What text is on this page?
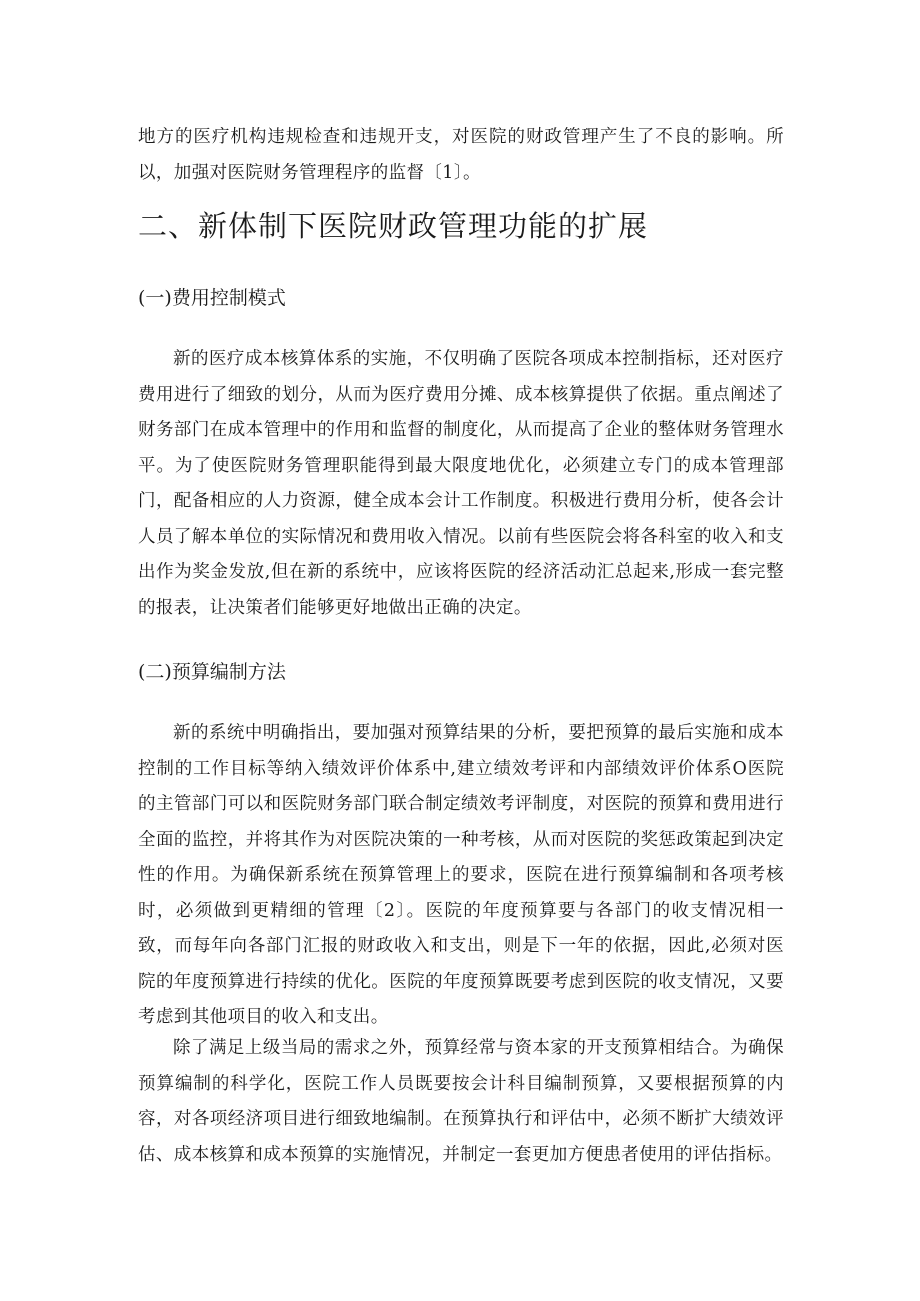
地方的医疗机构违规检查和违规开支，对医院的财政管理产生了不良的影响。所以，加强对医院财务管理程序的监督〔1〕。

二、新体制下医院财政管理功能的扩展
(一)费用控制模式

新的医疗成本核算体系的实施，不仅明确了医院各项成本控制指标，还对医疗费用进行了细致的划分，从而为医疗费用分摊、成本核算提供了依据。重点阐述了财务部门在成本管理中的作用和监督的制度化，从而提高了企业的整体财务管理水平。为了使医院财务管理职能得到最大限度地优化，必须建立专门的成本管理部门，配备相应的人力资源，健全成本会计工作制度。积极进行费用分析，使各会计人员了解本单位的实际情况和费用收入情况。以前有些医院会将各科室的收入和支出作为奖金发放,但在新的系统中，应该将医院的经济活动汇总起来,形成一套完整的报表，让决策者们能够更好地做出正确的决定。

(二)预算编制方法

新的系统中明确指出，要加强对预算结果的分析，要把预算的最后实施和成本控制的工作目标等纳入绩效评价体系中,建立绩效考评和内部绩效评价体系O医院的主管部门可以和医院财务部门联合制定绩效考评制度，对医院的预算和费用进行全面的监控，并将其作为对医院决策的一种考核，从而对医院的奖惩政策起到决定性的作用。为确保新系统在预算管理上的要求，医院在进行预算编制和各项考核时，必须做到更精细的管理〔2〕。医院的年度预算要与各部门的收支情况相一致，而每年向各部门汇报的财政收入和支出，则是下一年的依据，因此,必须对医院的年度预算进行持续的优化。医院的年度预算既要考虑到医院的收支情况，又要考虑到其他项目的收入和支出。

除了满足上级当局的需求之外，预算经常与资本家的开支预算相结合。为确保预算编制的科学化，医院工作人员既要按会计科目编制预算，又要根据预算的内容，对各项经济项目进行细致地编制。在预算执行和评估中，必须不断扩大绩效评估、成本核算和成本预算的实施情况，并制定一套更加方便患者使用的评估指标。
